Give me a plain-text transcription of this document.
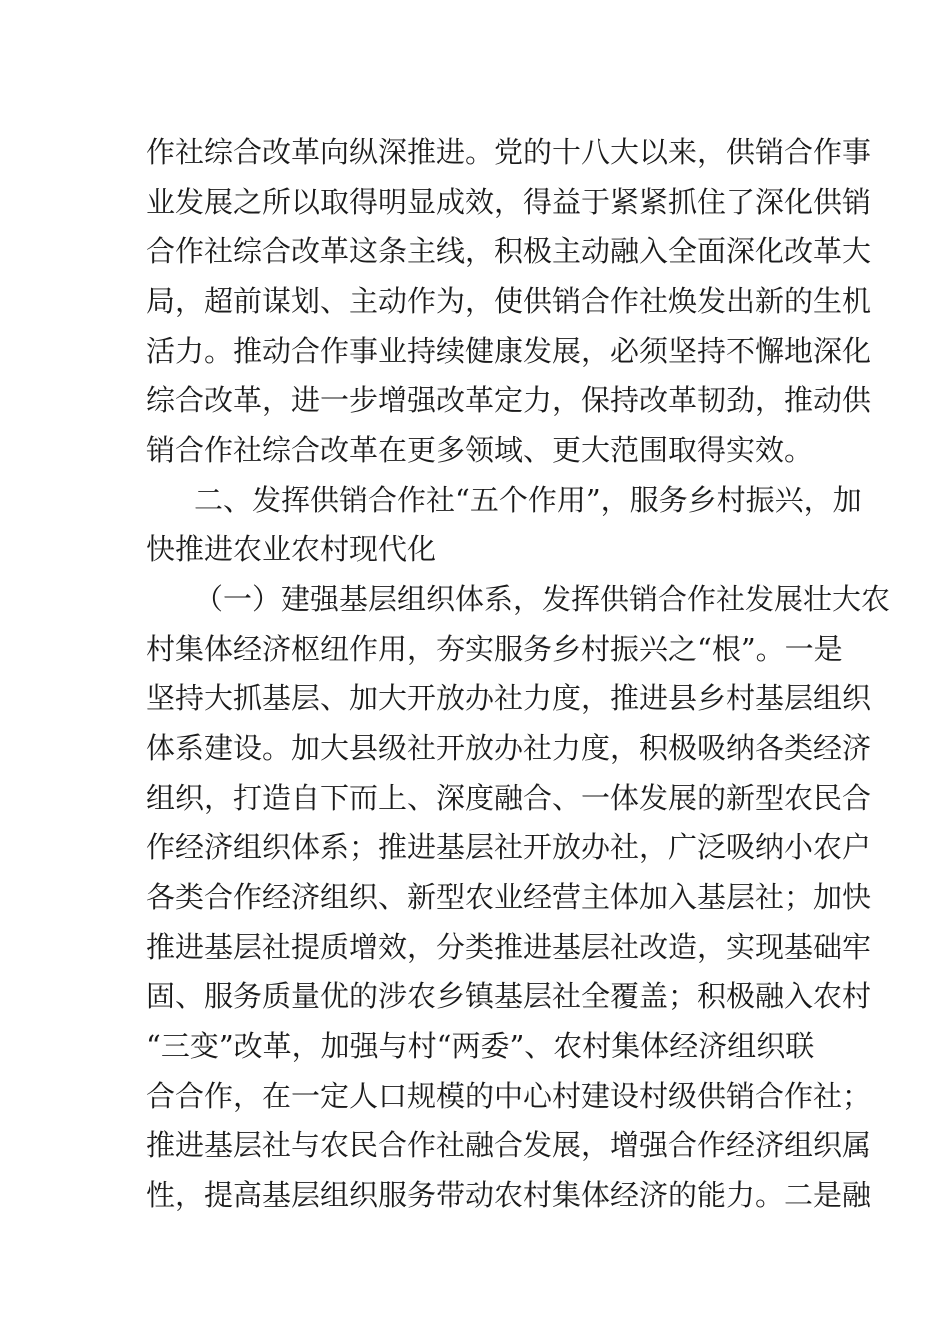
作社综合改革向纵深推进。党的十八大以来，供销合作事
业发展之所以取得明显成效，得益于紧紧抓住了深化供销
合作社综合改革这条主线，积极主动融入全面深化改革大
局，超前谋划、主动作为，使供销合作社焕发出新的生机
活力。推动合作事业持续健康发展，必须坚持不懈地深化
综合改革，进一步增强改革定力，保持改革韧劲，推动供
销合作社综合改革在更多领域、更大范围取得实效。
二、发挥供销合作社“五个作用”，服务乡村振兴，加
快推进农业农村现代化
（一）建强基层组织体系，发挥供销合作社发展壮大农
村集体经济枢纽作用，夯实服务乡村振兴之“根”。一是
坚持大抓基层、加大开放办社力度，推进县乡村基层组织
体系建设。加大县级社开放办社力度，积极吸纳各类经济
组织，打造自下而上、深度融合、一体发展的新型农民合
作经济组织体系；推进基层社开放办社，广泛吸纳小农户
各类合作经济组织、新型农业经营主体加入基层社；加快
推进基层社提质增效，分类推进基层社改造，实现基础牢
固、服务质量优的涉农乡镇基层社全覆盖；积极融入农村
“三变”改革，加强与村“两委”、农村集体经济组织联
合合作，在一定人口规模的中心村建设村级供销合作社；
推进基层社与农民合作社融合发展，增强合作经济组织属
性，提高基层组织服务带动农村集体经济的能力。二是融
